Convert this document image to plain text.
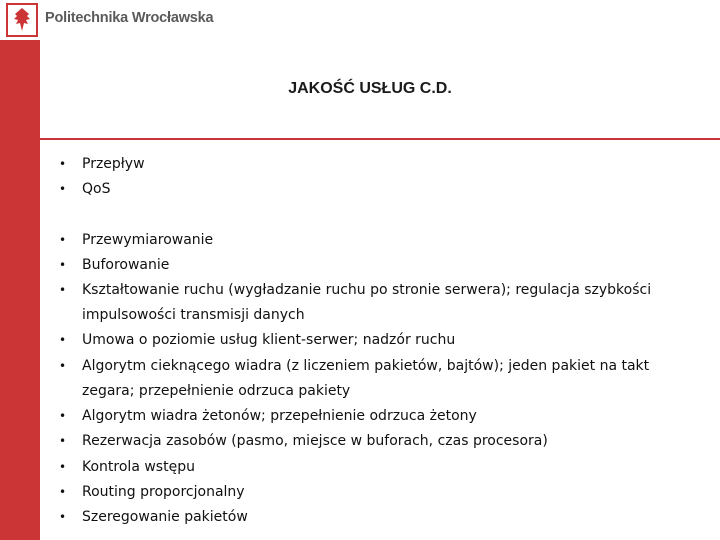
Politechnika Wrocławska
JAKOŚĆ USŁUG C.D.
• Przepływ
• QoS
• Przewymiarowanie
• Buforowanie
• Kształtowanie ruchu (wygładzanie ruchu po stronie serwera); regulacja szybkości
impulsowości transmisji danych
• Umowa o poziomie usług klient-serwer; nadzór ruchu
• Algorytm cieknącego wiadra (z liczeniem pakietów, bajtów); jeden pakiet na takt
zegara; przepełnienie odrzuca pakiety
• Algorytm wiadra żetonów; przepełnienie odrzuca żetony
• Rezerwacja zasobów (pasmo, miejsce w buforach, czas procesora)
• Kontrola wstępu
• Routing proporcjonalny
• Szeregowanie pakietów
